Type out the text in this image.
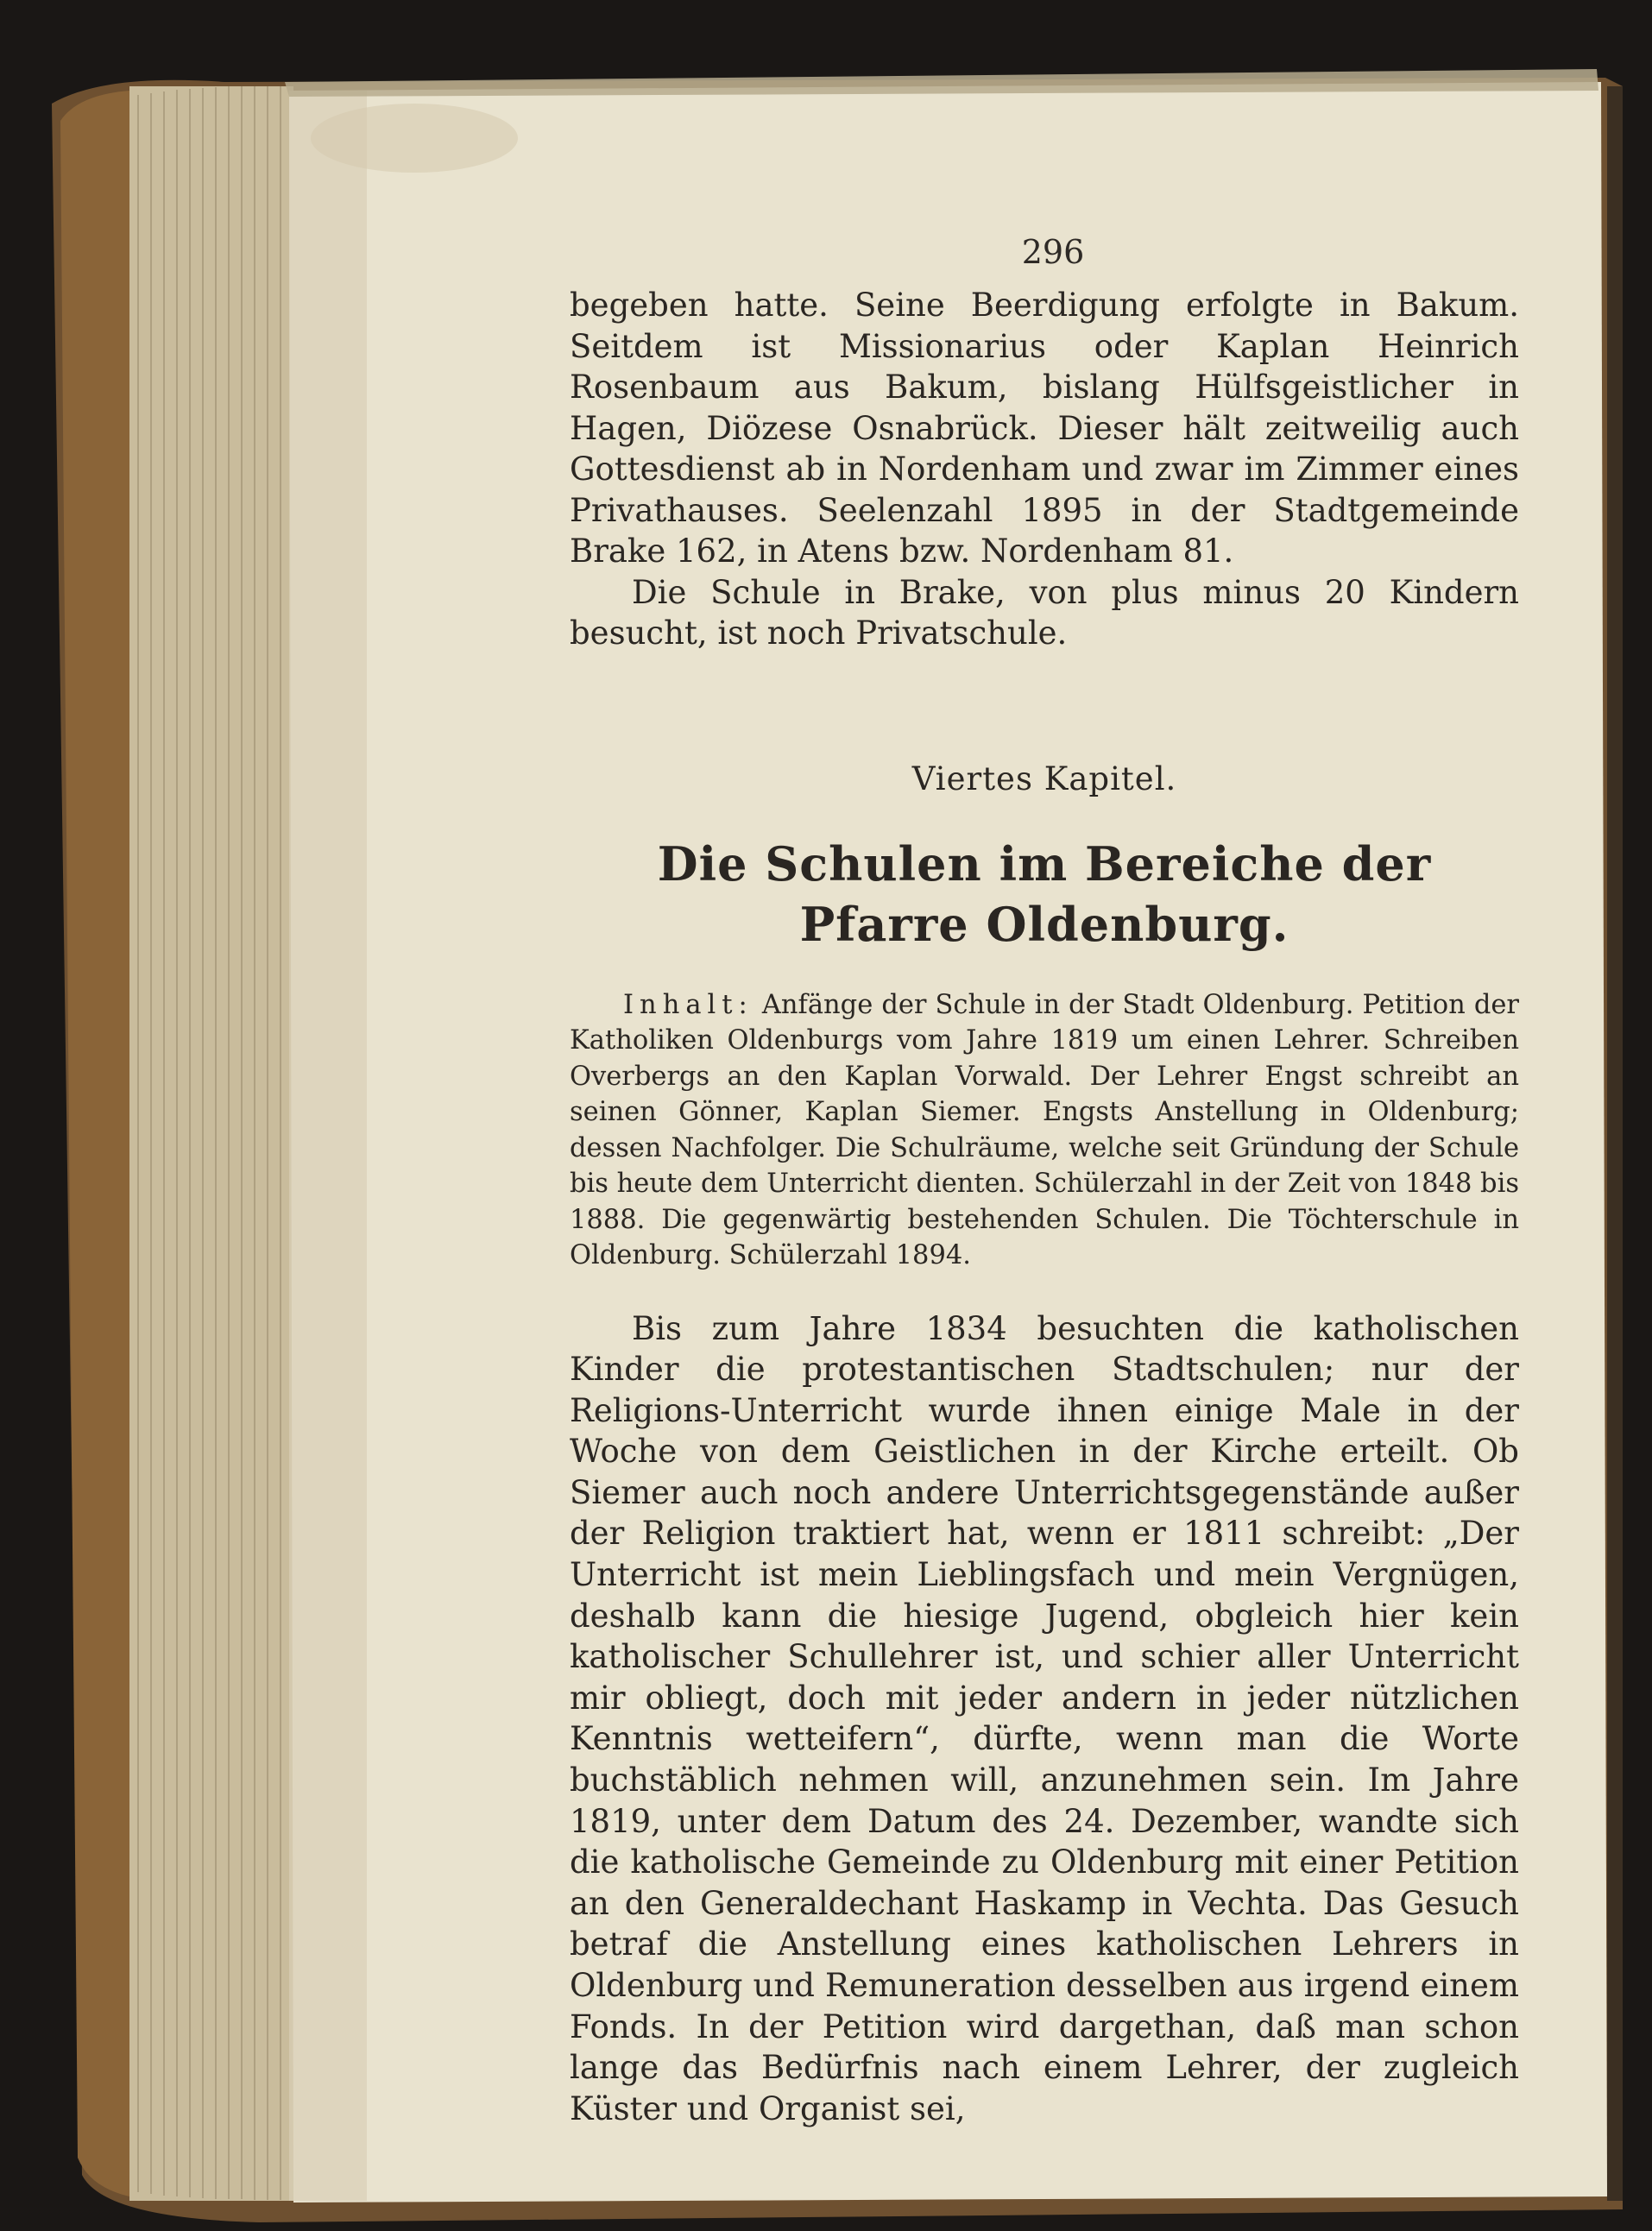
296

begeben hatte. Seine Beerdigung erfolgte in Bakum. Seitdem ist Missionarius oder Kaplan Heinrich Rosenbaum aus Bakum, bislang Hülfsgeistlicher in Hagen, Diözese Osnabrück. Dieser hält zeitweilig auch Gottesdienst ab in Nordenham und zwar im Zimmer eines Privathauses. Seelenzahl 1895 in der Stadtgemeinde Brake 162, in Atens bzw. Nordenham 81.

Die Schule in Brake, von plus minus 20 Kindern besucht, ist noch Privatschule.

Viertes Kapitel.
Die Schulen im Bereiche der Pfarre Oldenburg.

Inhalt: Anfänge der Schule in der Stadt Oldenburg. Petition der Katholiken Oldenburgs vom Jahre 1819 um einen Lehrer. Schreiben Overbergs an den Kaplan Vorwald. Der Lehrer Engst schreibt an seinen Gönner, Kaplan Siemer. Engsts Anstellung in Oldenburg; dessen Nachfolger. Die Schulräume, welche seit Gründung der Schule bis heute dem Unterricht dienten. Schülerzahl in der Zeit von 1848 bis 1888. Die gegenwärtig bestehenden Schulen. Die Töchterschule in Oldenburg. Schülerzahl 1894.

Bis zum Jahre 1834 besuchten die katholischen Kinder die protestantischen Stadtschulen; nur der Religions-Unterricht wurde ihnen einige Male in der Woche von dem Geistlichen in der Kirche erteilt. Ob Siemer auch noch andere Unterrichtsgegenstände außer der Religion traktiert hat, wenn er 1811 schreibt: „Der Unterricht ist mein Lieblingsfach und mein Vergnügen, deshalb kann die hiesige Jugend, obgleich hier kein katholischer Schullehrer ist, und schier aller Unterricht mir obliegt, doch mit jeder andern in jeder nützlichen Kenntnis wetteifern“, dürfte, wenn man die Worte buchstäblich nehmen will, anzunehmen sein. Im Jahre 1819, unter dem Datum des 24. Dezember, wandte sich die katholische Gemeinde zu Oldenburg mit einer Petition an den Generaldechant Haskamp in Vechta. Das Gesuch betraf die Anstellung eines katholischen Lehrers in Oldenburg und Remuneration desselben aus irgend einem Fonds. In der Petition wird dargethan, daß man schon lange das Bedürfnis nach einem Lehrer, der zugleich Küster und Organist sei,
